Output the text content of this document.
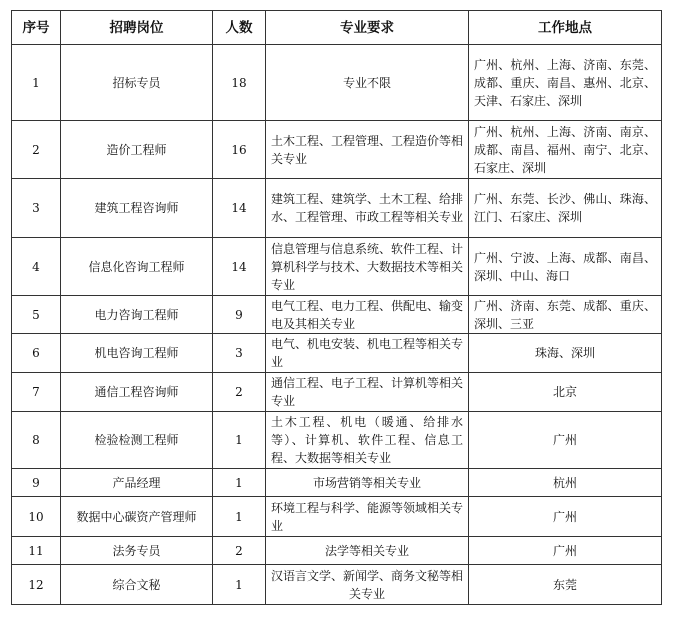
序号	招聘岗位	人数	专业要求	工作地点
1	招标专员	18	专业不限	广州、杭州、上海、济南、东莞、成都、重庆、南昌、惠州、北京、天津、石家庄、深圳
2	造价工程师	16	土木工程、工程管理、工程造价等相关专业	广州、杭州、上海、济南、南京、成都、南昌、福州、南宁、北京、石家庄、深圳
3	建筑工程咨询师	14	建筑工程、建筑学、土木工程、给排水、工程管理、市政工程等相关专业	广州、东莞、长沙、佛山、珠海、江门、石家庄、深圳
4	信息化咨询工程师	14	信息管理与信息系统、软件工程、计算机科学与技术、大数据技术等相关专业	广州、宁波、上海、成都、南昌、深圳、中山、海口
5	电力咨询工程师	9	电气工程、电力工程、供配电、输变电及其相关专业	广州、济南、东莞、成都、重庆、深圳、三亚
6	机电咨询工程师	3	电气、机电安装、机电工程等相关专业	珠海、深圳
7	通信工程咨询师	2	通信工程、电子工程、计算机等相关专业	北京
8	检验检测工程师	1	土木工程、机电（暖通、给排水等）、计算机、软件工程、信息工程、大数据等相关专业	广州
9	产品经理	1	市场营销等相关专业	杭州
10	数据中心碳资产管理师	1	环境工程与科学、能源等领域相关专业	广州
11	法务专员	2	法学等相关专业	广州
12	综合文秘	1	汉语言文学、新闻学、商务文秘等相关专业	东莞
